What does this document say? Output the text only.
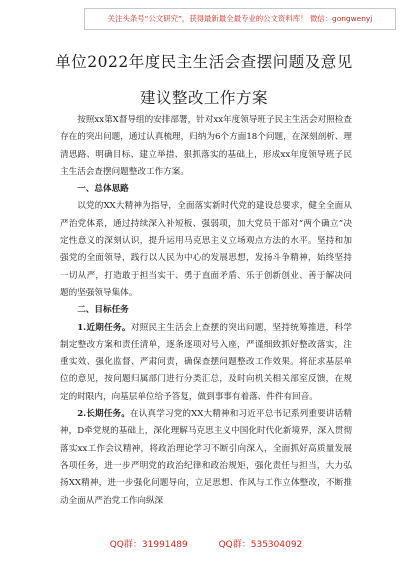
关注头条号“公文研究”，获得最新最全最专业的公文资料库！ 微信：gongwenyj
单位2022年度民主生活会查摆问题及意见
建议整改工作方案

按照xx第X督导组的安排部署，针对xx年度领导班子民主生活会对照检查存在的突出问题，通过认真梳理，归纳为6个方面18个问题，在深刻剖析、理清思路、明确目标、建立举措、狠抓落实的基础上，形成xx年度领导班子民主生活会查摆问题整改工作方案。

一、总体思路

以党的XX大精神为指导，全面落实新时代党的建设总要求，健全全面从严治党体系，通过持续深入补短板、强弱项，加大党员干部对“两个确立”决定性意义的深刻认识，提升运用马克思主义立场观点方法的水平。坚持和加强党的全面领导，践行以人民为中心的发展思想，发扬斗争精神，始终坚持一切从严，打造敢于担当实干、勇于直面矛盾、乐于创新创业、善于解决问题的坚强领导集体。

二、目标任务

1.近期任务。对照民主生活会上查摆的突出问题，坚持统筹推进，科学制定整改方案和责任清单，逐条逐项对号入座，严谨细致抓好整改落实，注重实效、强化监督、严肃问责，确保查摆问题整改工作效果。将征求基层单位的意见，按问题归属部门进行分类汇总，及时向机关相关部室反馈，在规定的时限内，向基层单位给予答复，做到事事有着落、件件有回音。

2.长期任务。在认真学习党的XX大精神和习近平总书记系列重要讲话精神，D牵党规的基础上，深化理解马克思主义中国化时代化新境界，深入贯彻落实xx工作会议精神，将政治理论学习不断引向深入，全面抓好高质量发展各项任务，进一步严明党的政治纪律和政治规矩，强化责任与担当，大力弘扬XX精神，进一步强化问题导向，立足思想、作风与工作立体整改，不断推动全面从严治党工作向纵深

QQ群：31991489	QQ群：535304092
